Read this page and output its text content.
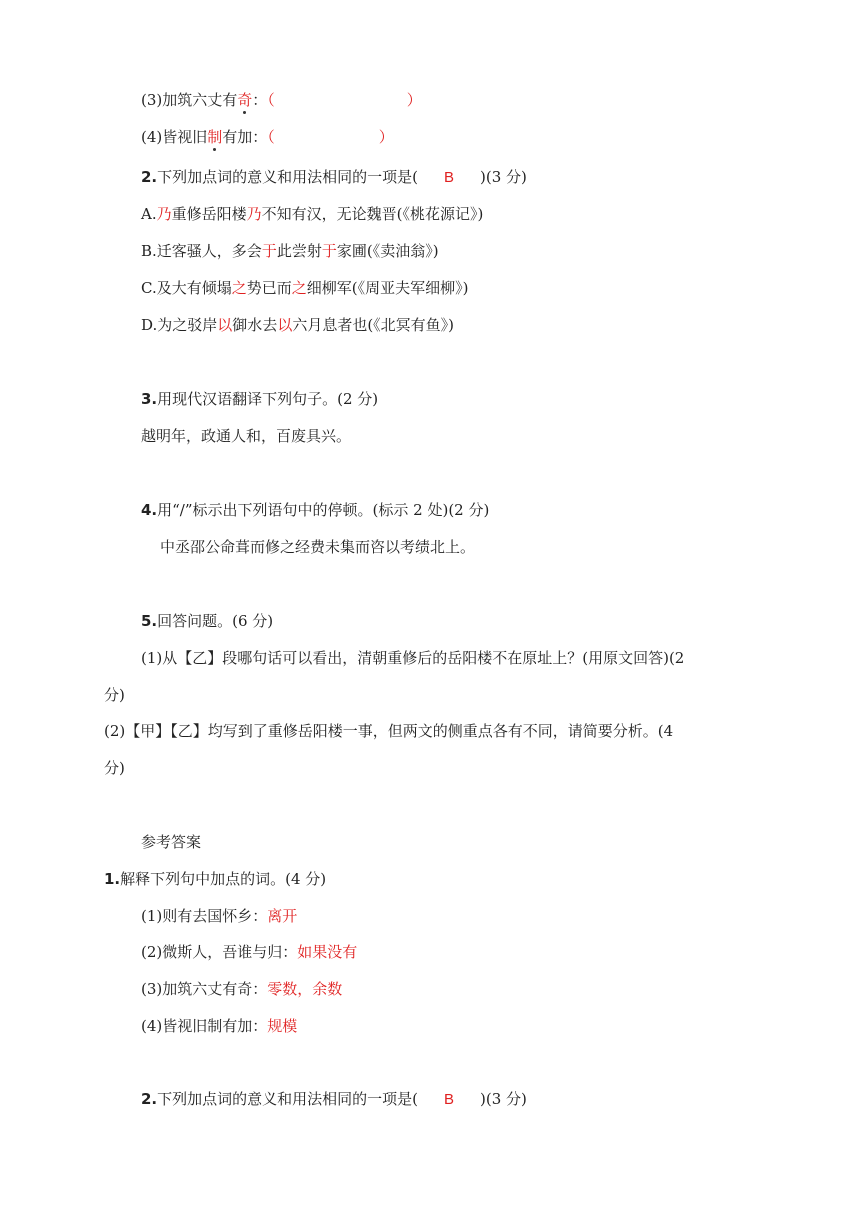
(3)加筑六丈有奇：（	）
(4)皆视旧制有加：（	）
2.下列加点词的意义和用法相同的一项是( B )(3 分)
A.乃重修岳阳楼乃不知有汉，无论魏晋(《桃花源记》)
B.迁客骚人，多会于此尝射于家圃(《卖油翁》)
C.及大有倾塌之势已而之细柳军(《周亚夫军细柳》)
D.为之驳岸以御水去以六月息者也(《北冥有鱼》)
3.用现代汉语翻译下列句子。(2 分)
越明年，政通人和，百废具兴。
4.用“/”标示出下列语句中的停顿。(标示 2 处)(2 分)
中丞邵公命葺而修之经费未集而咨以考绩北上。
5.回答问题。(6 分)
(1)从【乙】段哪句话可以看出，清朝重修后的岳阳楼不在原址上？(用原文回答)(2
分)
(2)【甲】【乙】均写到了重修岳阳楼一事，但两文的侧重点各有不同，请简要分析。(4
分)
参考答案
1.解释下列句中加点的词。(4 分)
(1)则有去国怀乡：离开
(2)微斯人，吾谁与归：如果没有
(3)加筑六丈有奇：零数，余数
(4)皆视旧制有加：规模
2.下列加点词的意义和用法相同的一项是( B )(3 分)
